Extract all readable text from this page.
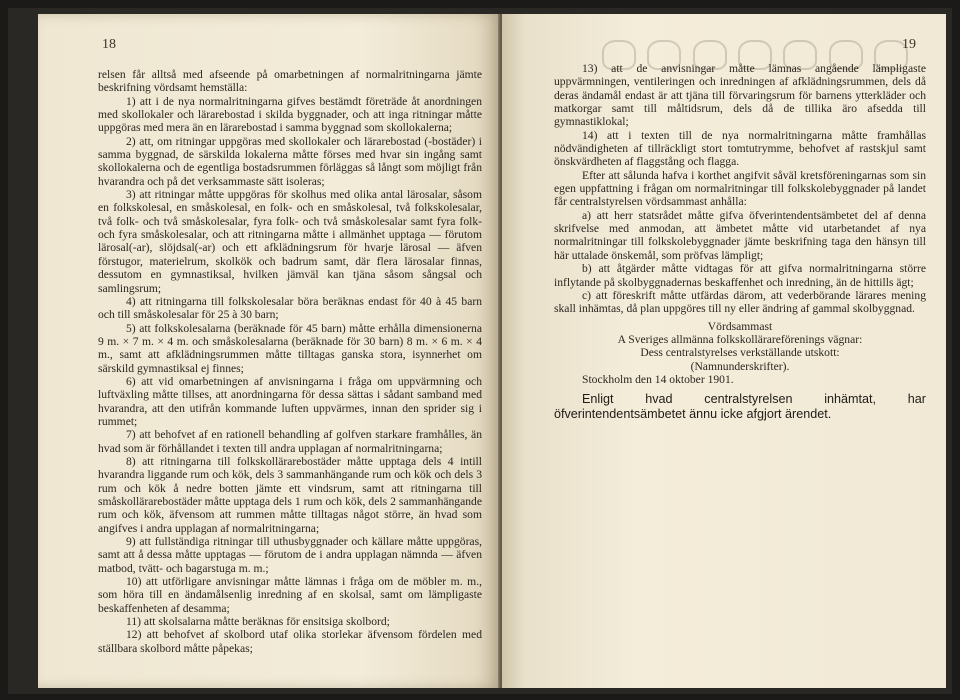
18

relsen får alltså med afseende på omarbetningen af normalritningarna jämte beskrifning vördsamt hemställa:

1) att i de nya normalritningarna gifves bestämdt företräde åt anordningen med skollokaler och lärarebostad i skilda byggnader, och att inga ritningar måtte uppgöras med mera än en lärarebostad i samma byggnad som skollokalerna;

2) att, om ritningar uppgöras med skollokaler och lärarebostad (-bostäder) i samma byggnad, de särskilda lokalerna måtte förses med hvar sin ingång samt skollokalerna och de egentliga bostadsrummen förläggas så långt som möjligt från hvarandra och på det verksammaste sätt isoleras;

3) att ritningar måtte uppgöras för skolhus med olika antal lärosalar, såsom en folkskolesal, en småskolesal, en folk- och en småskolesal, två folkskolesalar, två folk- och två småskolesalar, fyra folk- och två småskolesalar samt fyra folk- och fyra småskolesalar, och att ritningarna måtte i allmänhet upptaga — förutom lärosal(-ar), slöjdsal(-ar) och ett afklädningsrum för hvarje lärosal — äfven förstugor, materielrum, skolkök och badrum samt, där flera lärosalar finnas, dessutom en gymnastiksal, hvilken jämväl kan tjäna såsom sångsal och samlingsrum;

4) att ritningarna till folkskolesalar böra beräknas endast för 40 à 45 barn och till småskolesalar för 25 à 30 barn;

5) att folkskolesalarna (beräknade för 45 barn) måtte erhålla dimensionerna 9 m. × 7 m. × 4 m. och småskolesalarna (beräknade för 30 barn) 8 m. × 6 m. × 4 m., samt att afklädningsrummen måtte tilltagas ganska stora, isynnerhet om särskild gymnastiksal ej finnes;

6) att vid omarbetningen af anvisningarna i fråga om uppvärmning och luftväxling måtte tillses, att anordningarna för dessa sättas i sådant samband med hvarandra, att den utifrån kommande luften uppvärmes, innan den sprider sig i rummet;

7) att behofvet af en rationell behandling af golfven starkare framhålles, än hvad som är förhållandet i texten till andra upplagan af normalritningarna;

8) att ritningarna till folkskollärarebostäder måtte upptaga dels 4 intill hvarandra liggande rum och kök, dels 3 sammanhängande rum och kök och dels 3 rum och kök å nedre botten jämte ett vindsrum, samt att ritningarna till småskollärarebostäder måtte upptaga dels 1 rum och kök, dels 2 sammanhängande rum och kök, äfvensom att rummen måtte tilltagas något större, än hvad som angifves i andra upplagan af normalritningarna;

9) att fullständiga ritningar till uthusbyggnader och källare måtte uppgöras, samt att å dessa måtte upptagas — förutom de i andra upplagan nämnda — äfven matbod, tvätt- och bagarstuga m. m.;

10) att utförligare anvisningar måtte lämnas i fråga om de möbler m. m., som höra till en ändamålsenlig inredning af en skolsal, samt om lämpligaste beskaffenheten af desamma;

11) att skolsalarna måtte beräknas för ensitsiga skolbord;

12) att behofvet af skolbord utaf olika storlekar äfvensom fördelen med ställbara skolbord måtte påpekas;

19

13) att de anvisningar måtte lämnas angående lämpligaste uppvärmningen, ventileringen och inredningen af afklädningsrummen, dels då deras ändamål endast är att tjäna till förvaringsrum för barnens ytterkläder och matkorgar samt till måltidsrum, dels då de tillika äro afsedda till gymnastiklokal;

14) att i texten till de nya normalritningarna måtte framhållas nödvändigheten af tillräckligt stort tomtutrymme, behofvet af rastskjul samt önskvärdheten af flaggstång och flagga.

Efter att sålunda hafva i korthet angifvit såväl kretsföreningarnas som sin egen uppfattning i frågan om normalritningar till folkskolebyggnader på landet får centralstyrelsen vördsammast anhålla:

a) att herr statsrådet måtte gifva öfverintendentsämbetet del af denna skrifvelse med anmodan, att ämbetet måtte vid utarbetandet af nya normalritningar till folkskolebyggnader jämte beskrifning taga den hänsyn till här uttalade önskemål, som pröfvas lämpligt;

b) att åtgärder måtte vidtagas för att gifva normalritningarna större inflytande på skolbyggnadernas beskaffenhet och inredning, än de hittills ägt;

c) att föreskrift måtte utfärdas därom, att vederbörande lärares mening skall inhämtas, då plan uppgöres till ny eller ändring af gammal skolbyggnad.

Vördsammast

A Sveriges allmänna folkskollärareförenings vägnar:

Dess centralstyrelses verkställande utskott:

(Namnunderskrifter).

Stockholm den 14 oktober 1901.

Enligt hvad centralstyrelsen inhämtat, har öfverintendentsämbetet ännu icke afgjort ärendet.
